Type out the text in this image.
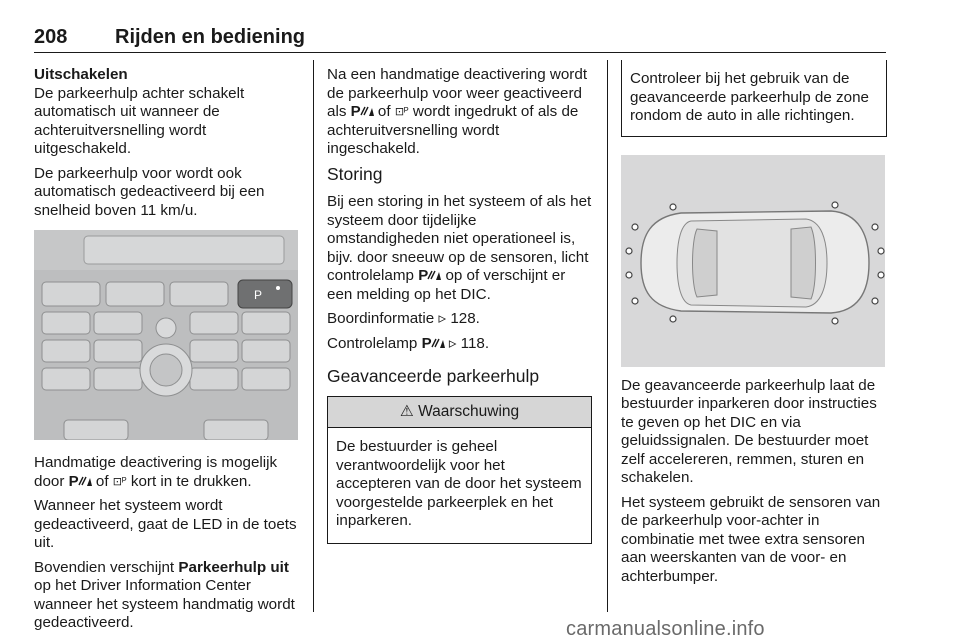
208 Rijden en bediening
Uitschakelen

De parkeerhulp achter schakelt automatisch uit wanneer de achteruitversnelling wordt uitgeschakeld.

De parkeerhulp voor wordt ook automatisch gedeactiveerd bij een snelheid boven 11 km/u.

P

Handmatige deactivering is mogelijk door P of ⊡ᴾ kort in te drukken.

Wanneer het systeem wordt gedeactiveerd, gaat de LED in de toets uit.

Bovendien verschijnt Parkeerhulp uit op het Driver Information Center wanneer het systeem handmatig wordt gedeactiveerd.

Na een handmatige deactivering wordt de parkeerhulp voor weer geactiveerd als P of ⊡ᴾ wordt ingedrukt of als de achteruitversnelling wordt ingeschakeld.

Storing

Bij een storing in het systeem of als het systeem door tijdelijke omstandigheden niet operationeel is, bijv. door sneeuw op de sensoren, licht controlelamp P op of verschijnt er een melding op het DIC.

Boordinformatie ▹ 128.

Controlelamp P ▹ 118.

Geavanceerde parkeerhulp
⚠ Waarschuwing
De bestuurder is geheel verantwoordelijk voor het accepteren van de door het systeem voorgestelde parkeerplek en het inparkeren.
Controleer bij het gebruik van de geavanceerde parkeerhulp de zone rondom de auto in alle richtingen.

De geavanceerde parkeerhulp laat de bestuurder inparkeren door instructies te geven op het DIC en via geluidssignalen. De bestuurder moet zelf accelereren, remmen, sturen en schakelen.

Het systeem gebruikt de sensoren van de parkeerhulp voor-achter in combinatie met twee extra sensoren aan weerskanten van de voor- en achterbumper.

carmanualsonline.info
